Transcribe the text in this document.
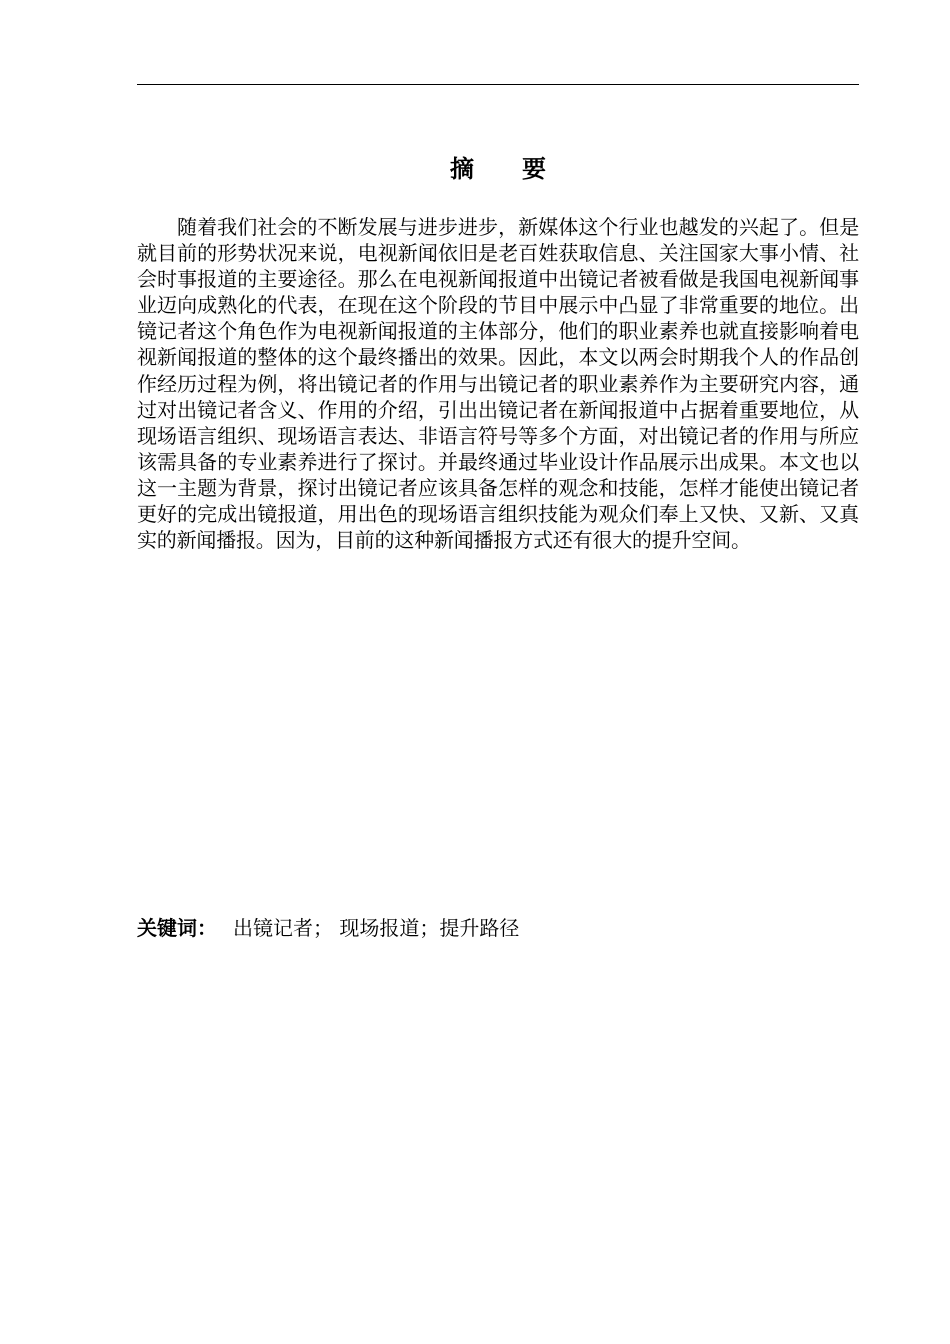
摘 要

随着我们社会的不断发展与进步进步，新媒体这个行业也越发的兴起了。但是就目前的形势状况来说，电视新闻依旧是老百姓获取信息、关注国家大事小情、社会时事报道的主要途径。那么在电视新闻报道中出镜记者被看做是我国电视新闻事业迈向成熟化的代表，在现在这个阶段的节目中展示中凸显了非常重要的地位。出镜记者这个角色作为电视新闻报道的主体部分，他们的职业素养也就直接影响着电视新闻报道的整体的这个最终播出的效果。因此，本文以两会时期我个人的作品创作经历过程为例，将出镜记者的作用与出镜记者的职业素养作为主要研究内容，通过对出镜记者含义、作用的介绍，引出出镜记者在新闻报道中占据着重要地位，从现场语言组织、现场语言表达、非语言符号等多个方面，对出镜记者的作用与所应该需具备的专业素养进行了探讨。并最终通过毕业设计作品展示出成果。本文也以这一主题为背景，探讨出镜记者应该具备怎样的观念和技能，怎样才能使出镜记者更好的完成出镜报道，用出色的现场语言组织技能为观众们奉上又快、又新、又真实的新闻播报。因为，目前的这种新闻播报方式还有很大的提升空间。

关键词： 出镜记者； 现场报道；提升路径
